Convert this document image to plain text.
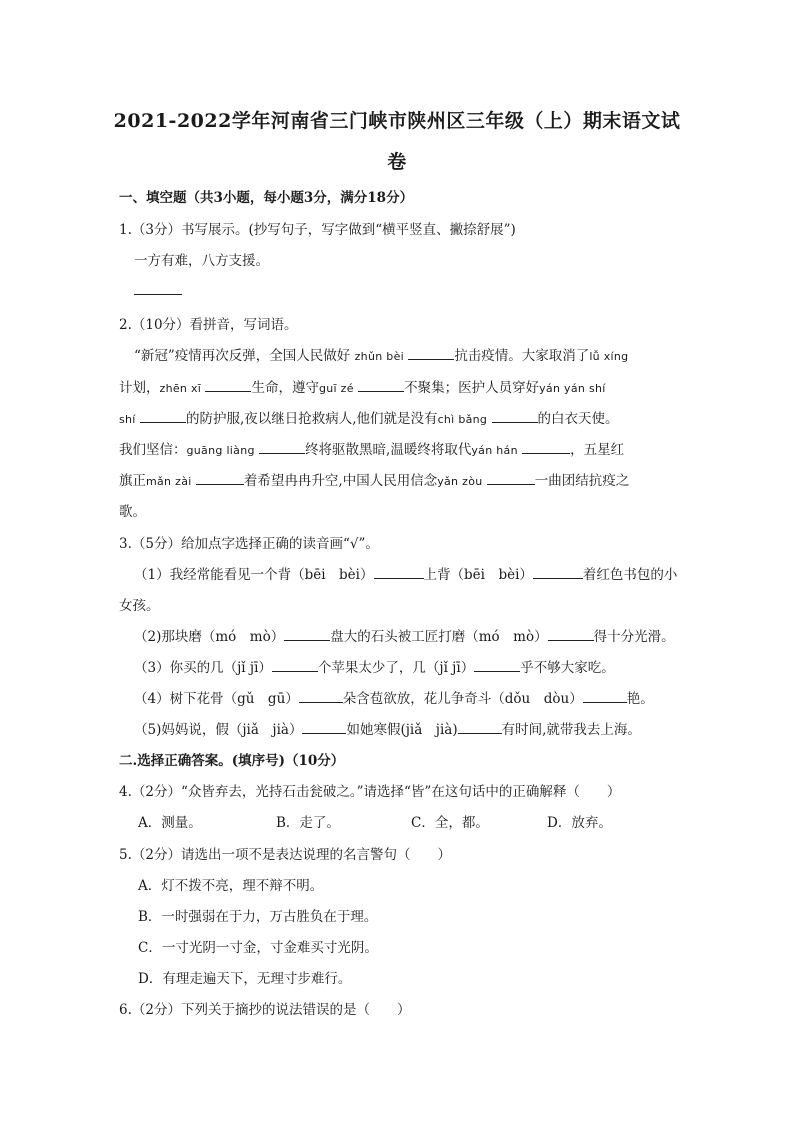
2021-2022学年河南省三门峡市陕州区三年级（上）期末语文试
卷
一、填空题（共3小题，每小题3分，满分18分）
1.（3分）书写展示。(抄写句子，写字做到“横平竖直、撇捺舒展”)
一方有难，八方支援。
2.（10分）看拼音，写词语。
“新冠”疫情再次反弹，全国人民做好 zhǔn bèi	抗击疫情。大家取消了lǚ xíng
计划，zhēn xī	生命，遵守guī zé	不聚集；医护人员穿好yán yán shí
shí	的防护服,夜以继日抢救病人,他们就是没有chì bǎng	的白衣天使。
我们坚信：guāng liàng	终将驱散黑暗,温暖终将取代yán hán	，五星红
旗正mǎn zài	着希望冉冉升空,中国人民用信念yǎn zòu	一曲团结抗疫之
歌。
3.（5分）给加点字选择正确的读音画“√”。
（1）我经常能看见一个背（bēi　bèi）	上背（bēi　bèi）	着红色书包的小
女孩。
（2)那块磨（mó　mò）	盘大的石头被工匠打磨（mó　mò）	得十分光滑。
（3）你买的几（jǐ jī）	个苹果太少了，几（jǐ jī）	乎不够大家吃。
（4）树下花骨（gǔ　gū）	朵含苞欲放，花儿争奇斗（dǒu　dòu）	艳。
（5)妈妈说，假（jiǎ　jià）	如她寒假(jiǎ　jià)	有时间,就带我去上海。
二.选择正确答案。(填序号)（10分）
4.（2分）“众皆弃去，光持石击瓮破之。”请选择“皆”在这句话中的正确解释（　　）
A．测量。	B．走了。	C．全，都。	D．放弃。
5.（2分）请选出一项不是表达说理的名言警句（　　）
A．灯不拨不亮，理不辩不明。
B．一时强弱在于力，万古胜负在于理。
C．一寸光阴一寸金，寸金难买寸光阴。
D．有理走遍天下，无理寸步难行。
6.（2分）下列关于摘抄的说法错误的是（　　）
